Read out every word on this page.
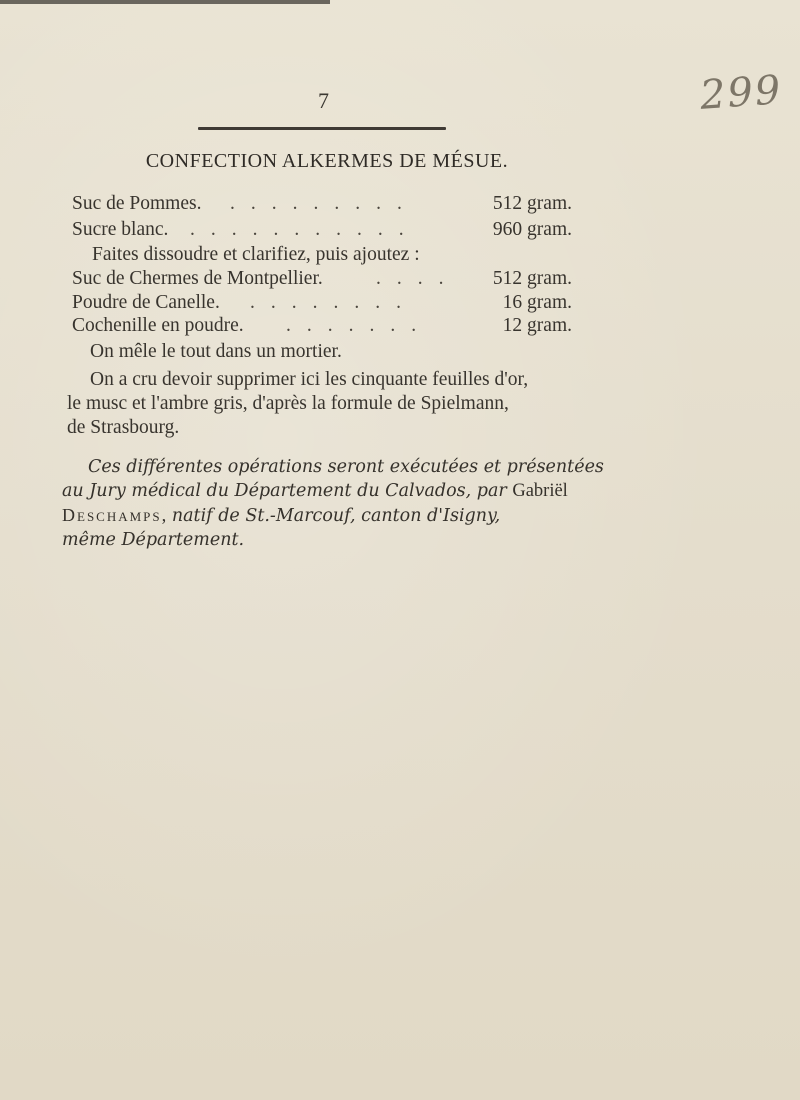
7	299
CONFECTION ALKERMES DE MÉSUE.
Suc de Pommes. .........	512 gram.
Sucre blanc. ...........	960 gram.
Faites dissoudre et clarifiez, puis ajoutez :
Suc de Chermes de Montpellier.	.... 512 gram.
Poudre de Canelle. ........	16 gram.
Cochenille en poudre. .......	12 gram.
On mêle le tout dans un mortier.
On a cru devoir supprimer ici les cinquante feuilles d'or,
le musc et l'ambre gris, d'après la formule de Spielmann,
de Strasbourg.
Ces différentes opérations seront exécutées et présentées
au Jury médical du Département du Calvados, par Gabriël
Deschamps, natif de St.-Marcouf, canton d'Isigny,
même Département.
